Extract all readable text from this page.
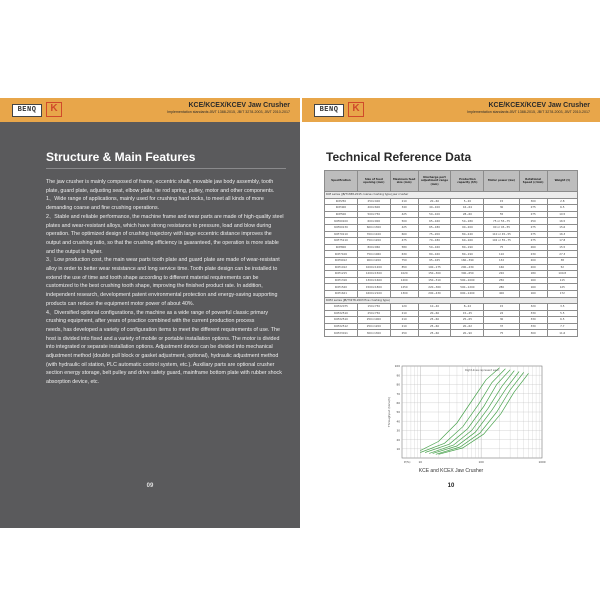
BENQ	K	KCE/KCEX/KCEV Jaw Crusher
Implementation standards:JB/T 1388-2015, JB/T 3278-2003, JB/T 2010-2017
Structure & Main Features

The jaw crusher is mainly composed of frame, eccentric shaft, movable jaw body assembly, tooth plate, guard plate, adjusting seat, elbow plate, tie rod spring, pulley, motor and other components.

1、Wide range of applications, mainly used for crushing hard rocks, to meet all kinds of more demanding coarse and fine crushing operations.

2、Stable and reliable performance, the machine frame and wear parts are made of high-quality steel plates and wear-resistant alloys, which have strong resistance to pressure, load and blow during operation. The optimized design of crushing trajectory with large eccentric distance improves the output and crushing ratio, so that the crushing efficiency is guaranteed, the operation is more stable and the output is higher.

3、Low production cost, the main wear parts tooth plate and guard plate are made of wear-resistant alloy in order to better wear resistance and long service time. Tooth plate design can be installed to extend the use of time and tooth shape according to different material requirements can be customized to the best crushing tooth shape, improving the finished product rate. In addition, independent research, development patent environmental protection and energy-saving supporting products can reduce the equipment motor power of about 40%.

4、Diversified optional configurations, the machine as a wide range of powerful classic primary crushing equipment, after years of practice combined with the current production process

needs, has developed a variety of configuration items to meet the different requirements of use. The host is divided into fixed and a variety of mobile or portable installation options. The motor is divided into integrated or separate installation options. Adjustment device can be divided into mechanical adjustment method (double pull block or gasket adjustment, optional), hydraulic adjustment method (with hydraulic oil station, PLC automatic control system, etc.). Auxiliary parts are optional crusher section energy storage, belt pulley and drive safety guard, mainframe bottom plate with rubber shock absorption device, etc.

09
BENQ	K	KCE/KCEX/KCEV Jaw Crusher
Implementation standards:JB/T 1388-2015, JB/T 3278-2003, JB/T 2010-2017
Technical Reference Data
Specification	Size of feed opening (mm)	Maximum feed size (mm)	Discharge port adjustment range (mm)	Production capacity (t/h)	Motor power (kw)	Rotational Speed (r/min)	Weight (t)
KCE series (JB/T1388-2015 coarse crushing type) jaw crusher							
KCE250	250×400	210	20~60	5~20	15	300	2.8
KCE400	400×600	340	40~100	16~64	30	275	6.5
KCE500	500×750	425	50~100	28~60	55	275	10.5
KCE60100	600×900	500	65~160	50~180	75 or 55~75	250	16.5
KCE60130	600×1300	425	65~180	90~200	90 or 45~55	275	15.6
KCE70110	700×1100	600	75~200	80~240	110 or 45~55	275	16.3
KCE75110	750×1200	475	70~180	60~160	102 or 55~75	275	17.8
KCE800	800×960	580	50~160	80~190	75	260	15.5
KCE7106	750×1060	630	80~160	80~190	110	230	27.3
KCE9012	900×1200	750	95~165	160~390	132	200	38
KCE1012	1000×1200	850	100~175	200~430	160	200	52
KCE1215	1200×1500	1020	150~300	300~650	220	180	100.8
KCE1316	1300×1600	1200	150~310	500~1000	250	160	115
KCE1520	1500×1800	1250	220~360	500~1200	280	160	125
KCE1621	1600×2100	1300	200~430	600~1400	400	160	172
KCEX series (JB/T3278-2003 fine crushing type)							
KCEX2075	150×750	120	10~40	8~22	15	320	3.5
KCEX2510	250×750	210	20~60	15~45	22	330	5.5
KCEX2510	250×1000	210	25~60	25~65	30	330	6.5
KCEX2512	250×1200	210	25~60	20~62	37	330	7.7
KCEX3011	300×1300	250	25~60	20~90	75	300	11.6
100
90
80
70
60
50
40
30
20
10
10	100	1000
P(%)
Throughput (tons/h)
Right-lines represent each
KCE and KCEX Jaw Crusher
10
